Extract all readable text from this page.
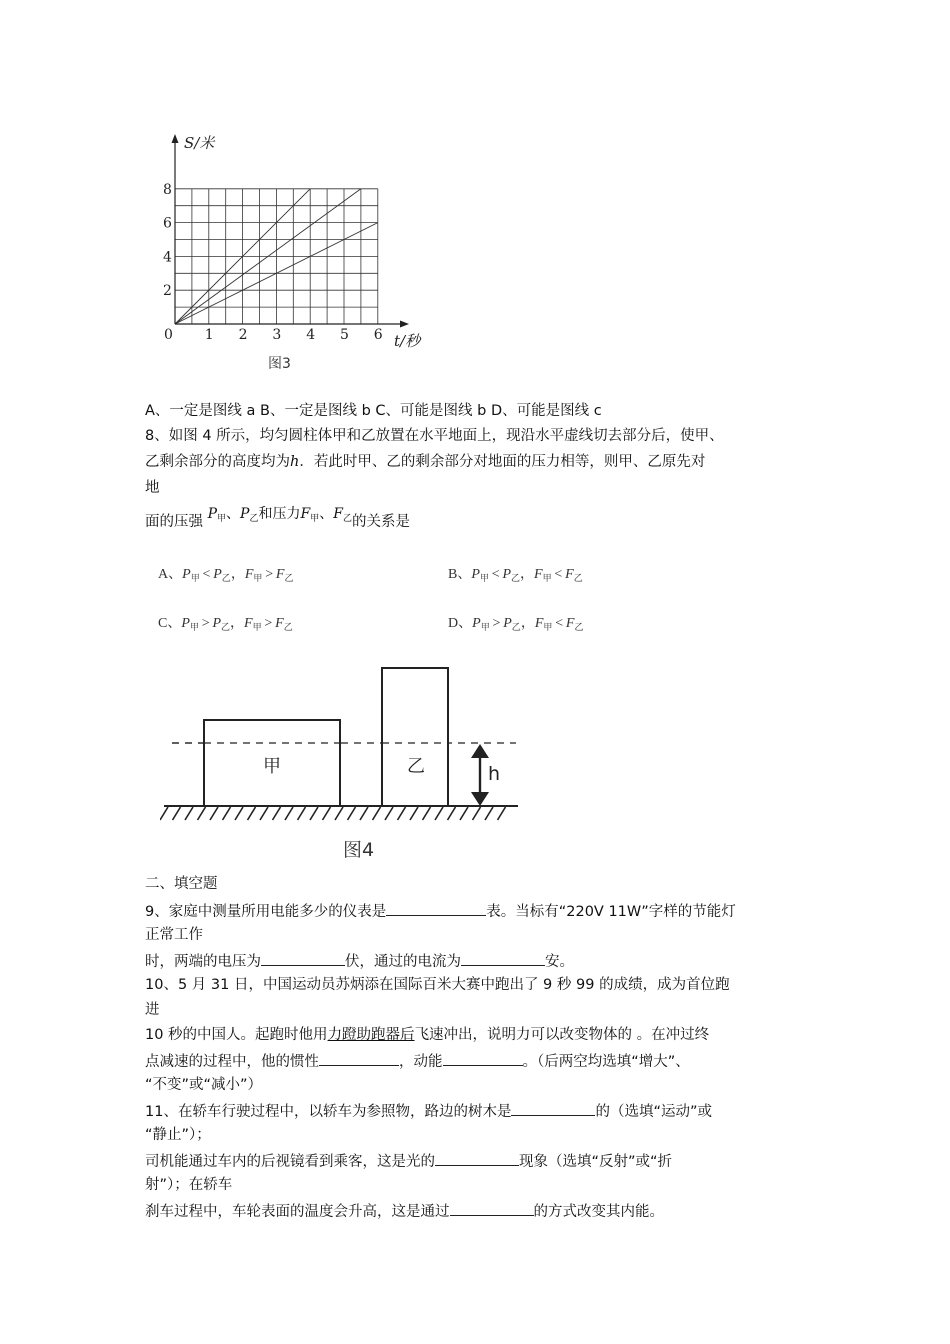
0 1 2 3 4 5 6
2
4
6
8
S/米
t/秒
图3
A、一定是图线 a B、一定是图线 b C、可能是图线 b D、可能是图线 c
8、如图 4 所示，均匀圆柱体甲和乙放置在水平地面上，现沿水平虚线切去部分后，使甲、
乙剩余部分的高度均为h．若此时甲、乙的剩余部分对地面的压力相等，则甲、乙原先对
地
面的压强 $P_甲$、$P_乙$和压力$F_甲$、$F_乙$的关系是
A、$P_甲 < P_乙$，$F_甲 > F_乙$	B、$P_甲 < P_乙$，$F_甲 < F_乙$
C、$P_甲 > P_乙$，$F_甲 > F_乙$	D、$P_甲 > P_乙$，$F_甲 < F_乙$
甲	乙	h
图4
二、填空题
9、家庭中测量所用电能多少的仪表是	表。当标有“220V 11W”字样的节能灯
正常工作
时，两端的电压为	伏，通过的电流为	安。
10、5 月 31 日，中国运动员苏炳添在国际百米大赛中跑出了 9 秒 99 的成绩，成为首位跑
进
10 秒的中国人。起跑时他用力蹬助跑器后飞速冲出，说明力可以改变物体的 。在冲过终
点减速的过程中，他的惯性	，动能	。（后两空均选填“增大”、
“不变”或“减小”）
11、在轿车行驶过程中，以轿车为参照物，路边的树木是	的（选填“运动”或
“静止”）；
司机能通过车内的后视镜看到乘客，这是光的	现象（选填“反射”或“折
射”）；在轿车
刹车过程中，车轮表面的温度会升高，这是通过	的方式改变其内能。
